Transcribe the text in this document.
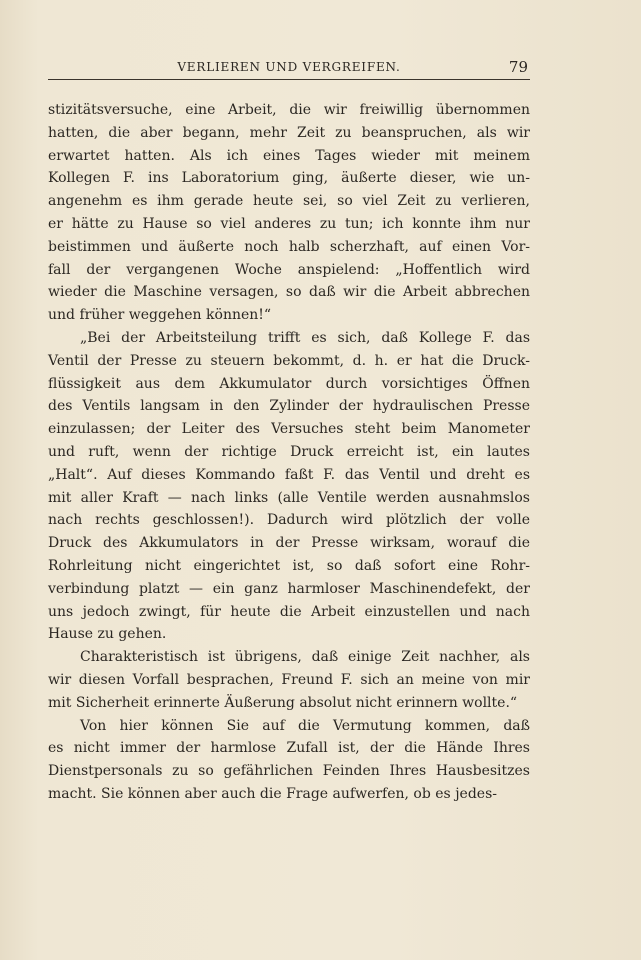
VERLIEREN UND VERGREIFEN.	79

stizitätsversuche, eine Arbeit, die wir freiwillig übernommen

hatten, die aber begann, mehr Zeit zu beanspruchen, als wir

erwartet hatten. Als ich eines Tages wieder mit meinem

Kollegen F. ins Laboratorium ging, äußerte dieser, wie un-

angenehm es ihm gerade heute sei, so viel Zeit zu verlieren,

er hätte zu Hause so viel anderes zu tun; ich konnte ihm nur

beistimmen und äußerte noch halb scherzhaft, auf einen Vor-

fall der vergangenen Woche anspielend: „Hoffentlich wird

wieder die Maschine versagen, so daß wir die Arbeit abbrechen

und früher weggehen können!“

„Bei der Arbeitsteilung trifft es sich, daß Kollege F. das

Ventil der Presse zu steuern bekommt, d. h. er hat die Druck-

flüssigkeit aus dem Akkumulator durch vorsichtiges Öffnen

des Ventils langsam in den Zylinder der hydraulischen Presse

einzulassen; der Leiter des Versuches steht beim Manometer

und ruft, wenn der richtige Druck erreicht ist, ein lautes

„Halt“. Auf dieses Kommando faßt F. das Ventil und dreht es

mit aller Kraft — nach links (alle Ventile werden ausnahmslos

nach rechts geschlossen!). Dadurch wird plötzlich der volle

Druck des Akkumulators in der Presse wirksam, worauf die

Rohrleitung nicht eingerichtet ist, so daß sofort eine Rohr-

verbindung platzt — ein ganz harmloser Maschinendefekt, der

uns jedoch zwingt, für heute die Arbeit einzustellen und nach

Hause zu gehen.

Charakteristisch ist übrigens, daß einige Zeit nachher, als

wir diesen Vorfall besprachen, Freund F. sich an meine von mir

mit Sicherheit erinnerte Äußerung absolut nicht erinnern wollte.“

Von hier können Sie auf die Vermutung kommen, daß

es nicht immer der harmlose Zufall ist, der die Hände Ihres

Dienstpersonals zu so gefährlichen Feinden Ihres Hausbesitzes

macht. Sie können aber auch die Frage aufwerfen, ob es jedes-
